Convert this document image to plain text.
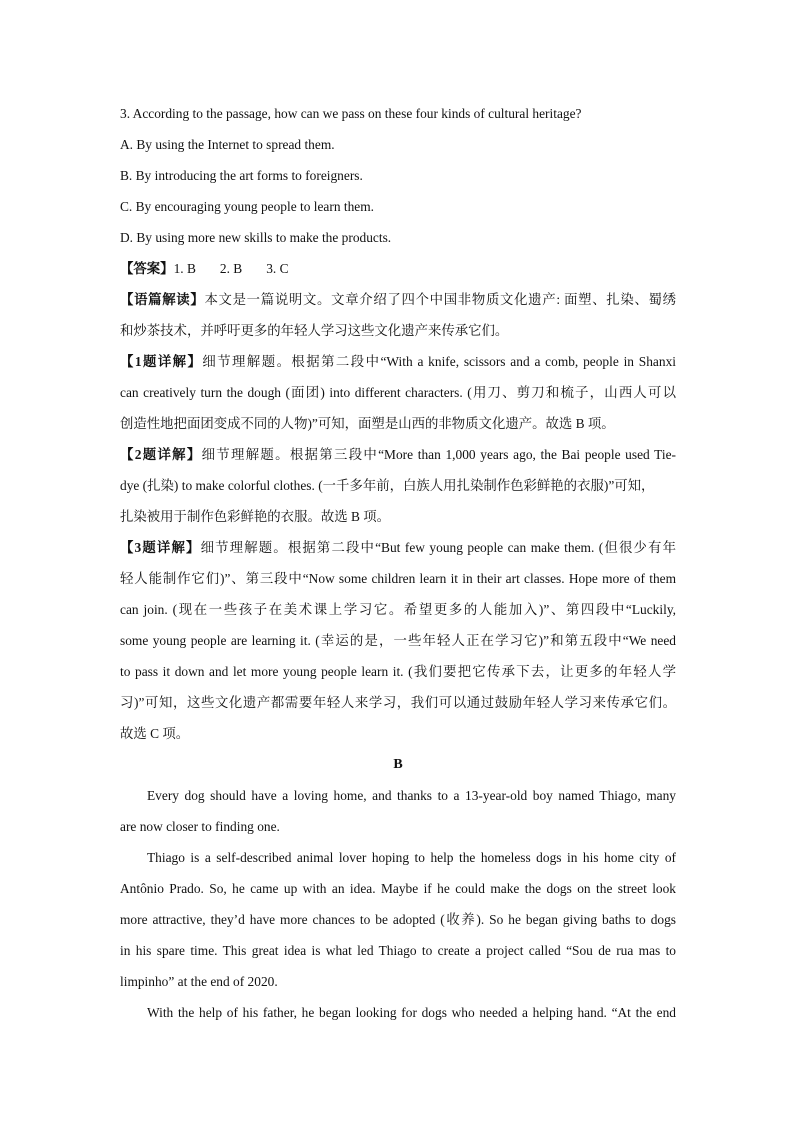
3. According to the passage, how can we pass on these four kinds of cultural heritage?
A. By using the Internet to spread them.
B. By introducing the art forms to foreigners.
C. By encouraging young people to learn them.
D. By using more new skills to make the products.
【答案】1. B 2. B 3. C
【语篇解读】本文是一篇说明文。文章介绍了四个中国非物质文化遗产: 面塑、扎染、蜀绣
和炒茶技术，并呼吁更多的年轻人学习这些文化遗产来传承它们。
【1题详解】细节理解题。根据第二段中“With a knife, scissors and a comb, people in Shanxi
can creatively turn the dough (面团) into different characters. (用刀、剪刀和梳子，山西人可以
创造性地把面团变成不同的人物)”可知，面塑是山西的非物质文化遗产。故选 B 项。
【2题详解】细节理解题。根据第三段中“More than 1,000 years ago, the Bai people used Tie-
dye (扎染) to make colorful clothes. (一千多年前，白族人用扎染制作色彩鲜艳的衣服)”可知，
扎染被用于制作色彩鲜艳的衣服。故选 B 项。
【3题详解】细节理解题。根据第二段中“But few young people can make them. (但很少有年
轻人能制作它们)”、第三段中“Now some children learn it in their art classes. Hope more of them
can join. (现在一些孩子在美术课上学习它。希望更多的人能加入)”、第四段中“Luckily,
some young people are learning it. (幸运的是，一些年轻人正在学习它)”和第五段中“We need
to pass it down and let more young people learn it. (我们要把它传承下去，让更多的年轻人学
习)”可知，这些文化遗产都需要年轻人来学习，我们可以通过鼓励年轻人学习来传承它们。
故选 C 项。
B
Every dog should have a loving home, and thanks to a 13-year-old boy named Thiago, many
are now closer to finding one.
Thiago is a self-described animal lover hoping to help the homeless dogs in his home city of
Antônio Prado. So, he came up with an idea. Maybe if he could make the dogs on the street look
more attractive, they’d have more chances to be adopted (收养). So he began giving baths to dogs
in his spare time. This great idea is what led Thiago to create a project called “Sou de rua mas to
limpinho” at the end of 2020.
With the help of his father, he began looking for dogs who needed a helping hand. “At the end
